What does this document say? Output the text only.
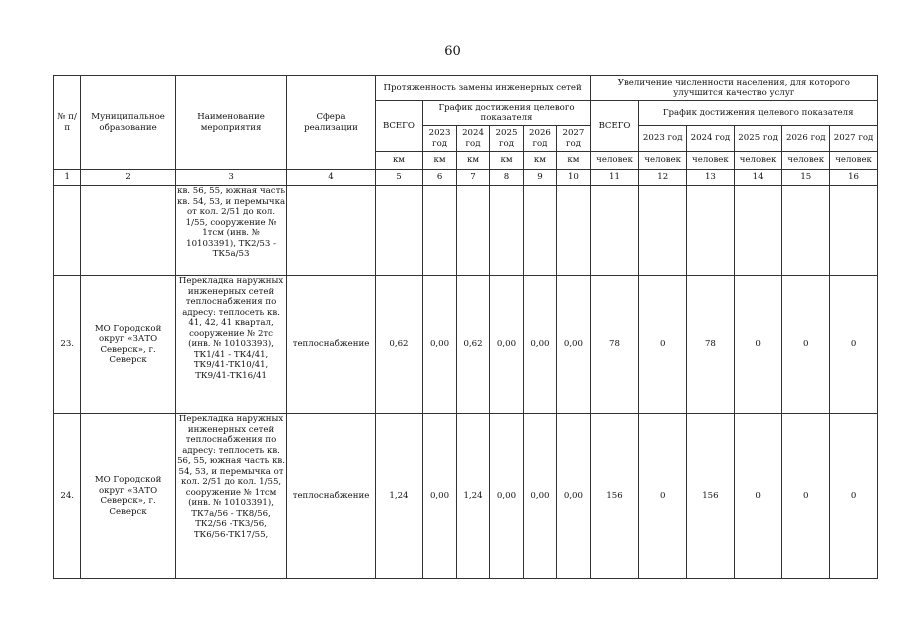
60
№ п/п	Муниципальное образование	Наименование мероприятия	Сфера реализации	Протяженность замены инженерных сетей						Увеличение численности населения, для которого улучшится качество услуг					
				ВСЕГО	График достижения целевого показателя					ВСЕГО	График достижения целевого показателя				
					2023 год	2024 год	2025 год	2026 год	2027 год		2023 год	2024 год	2025 год	2026 год	2027 год
				км	км	км	км	км	км	человек	человек	человек	человек	человек	человек
1	2	3	4	5	6	7	8	9	10	11	12	13	14	15	16
		кв. 56, 55, южная часть кв. 54, 53, и перемычка от кол. 2/51 до кол. 1/55, сооружение № 1тсм (инв. № 10103391), ТК2/53 - ТК5а/53													
23.	МО Городской округ «ЗАТО Северск», г. Северск	Перекладка наружных инженерных сетей теплоснабжения по адресу: теплосеть кв. 41, 42, 41 квартал, сооружение № 2тс (инв. № 10103393), ТК1/41 - ТК4/41, ТК9/41-ТК10/41, ТК9/41-ТК16/41	теплоснабжение	0,62	0,00	0,62	0,00	0,00	0,00	78	0	78	0	0	0
24.	МО Городской округ «ЗАТО Северск», г. Северск	Перекладка наружных инженерных сетей теплоснабжения по адресу: теплосеть кв. 56, 55, южная часть кв. 54, 53, и перемычка от кол. 2/51 до кол. 1/55, сооружение № 1тсм (инв. № 10103391), ТК7а/56 - ТК8/56, ТК2/56 -ТК3/56, ТК6/56-ТК17/55,	теплоснабжение	1,24	0,00	1,24	0,00	0,00	0,00	156	0	156	0	0	0
